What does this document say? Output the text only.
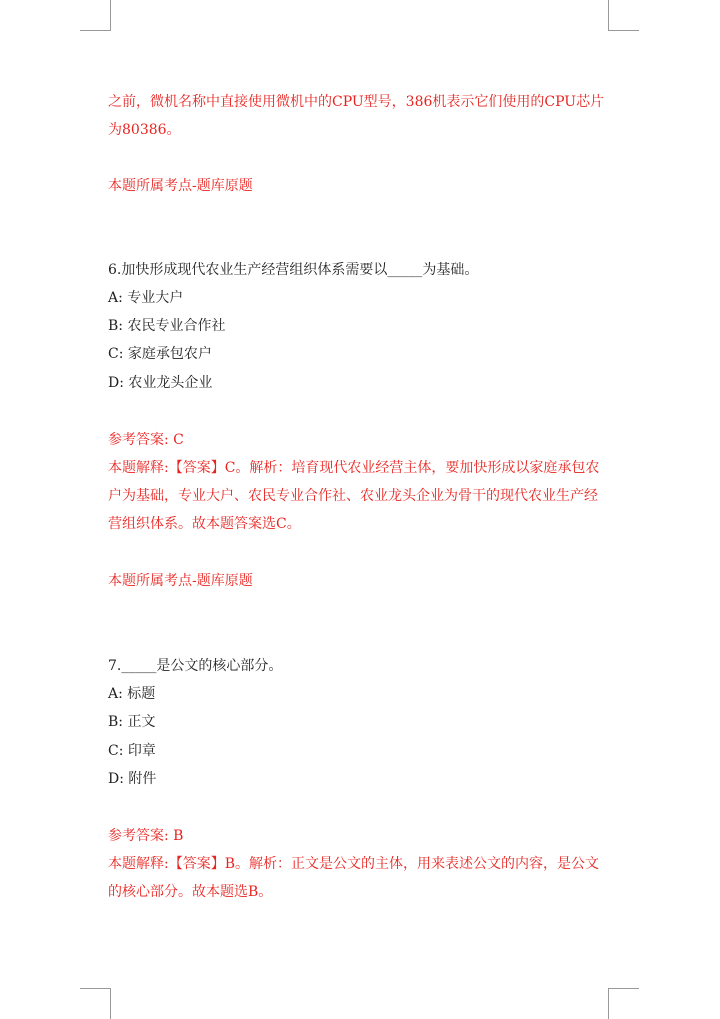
之前，微机名称中直接使用微机中的CPU型号，386机表示它们使用的CPU芯片为80386。

本题所属考点-题库原题

6.加快形成现代农业生产经营组织体系需要以_____为基础。

A: 专业大户

B: 农民专业合作社

C: 家庭承包农户

D: 农业龙头企业

参考答案: C

本题解释:【答案】C。解析：培育现代农业经营主体，要加快形成以家庭承包农户为基础，专业大户、农民专业合作社、农业龙头企业为骨干的现代农业生产经营组织体系。故本题答案选C。

本题所属考点-题库原题

7._____是公文的核心部分。

A: 标题

B: 正文

C: 印章

D: 附件

参考答案: B

本题解释:【答案】B。解析：正文是公文的主体，用来表述公文的内容，是公文的核心部分。故本题选B。
